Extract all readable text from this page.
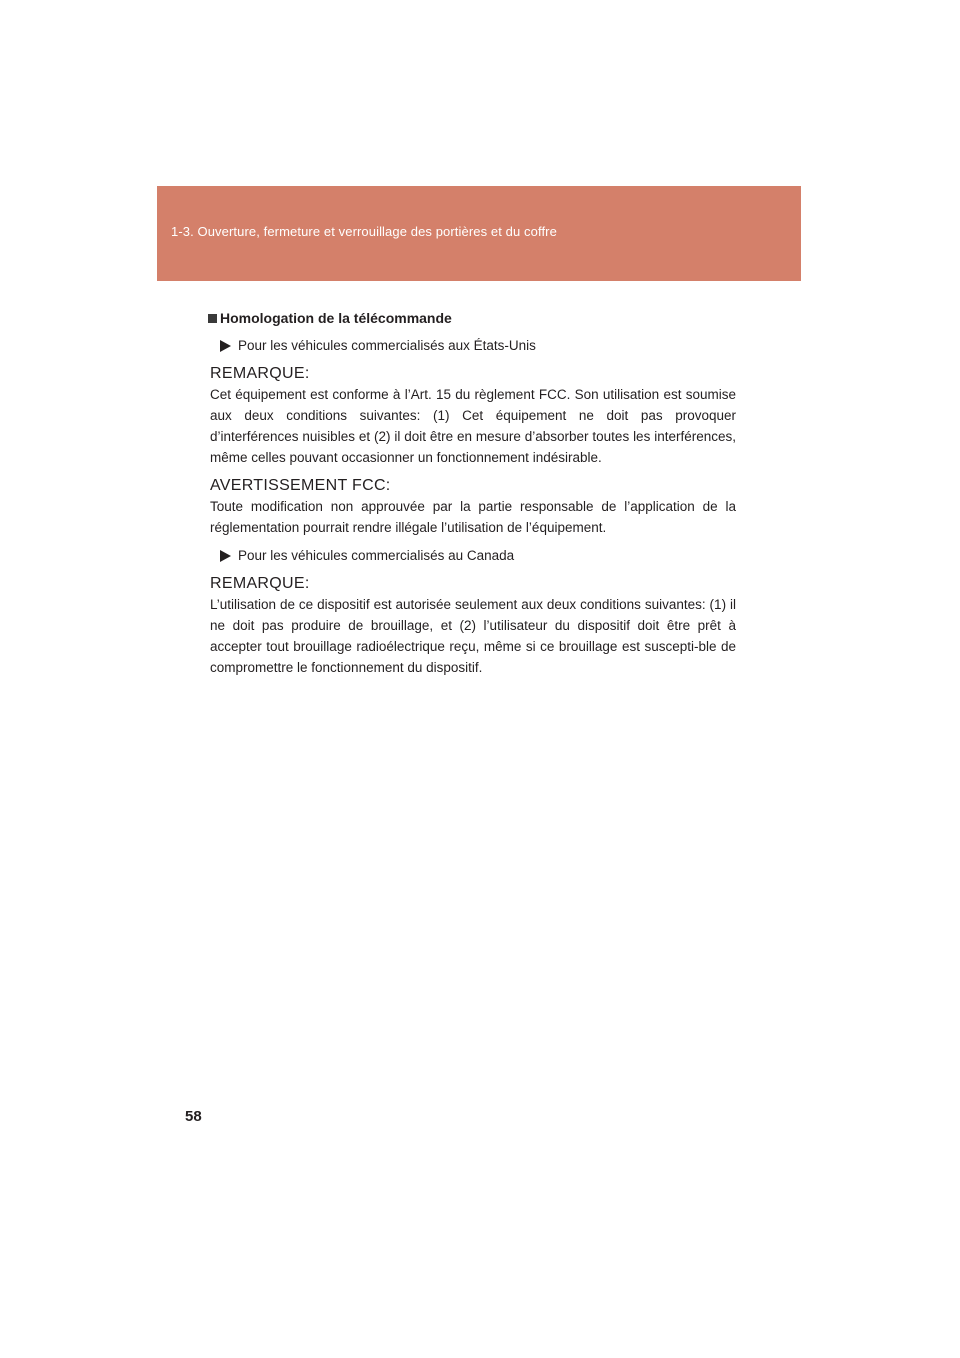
1-3. Ouverture, fermeture et verrouillage des portières et du coffre
Homologation de la télécommande
Pour les véhicules commercialisés aux États-Unis
REMARQUE:
Cet équipement est conforme à l’Art. 15 du règlement FCC. Son utilisation est soumise aux deux conditions suivantes: (1) Cet équipement ne doit pas provoquer d’interférences nuisibles et (2) il doit être en mesure d’absorber toutes les interférences, même celles pouvant occasionner un fonctionnement indésirable.
AVERTISSEMENT FCC:
Toute modification non approuvée par la partie responsable de l’application de la réglementation pourrait rendre illégale l’utilisation de l’équipement.
Pour les véhicules commercialisés au Canada
REMARQUE:
L’utilisation de ce dispositif est autorisée seulement aux deux conditions suivantes: (1) il ne doit pas produire de brouillage, et (2) l’utilisateur du dispositif doit être prêt à accepter tout brouillage radioélectrique reçu, même si ce brouillage est suscepti-ble de compromettre le fonctionnement du dispositif.
58
